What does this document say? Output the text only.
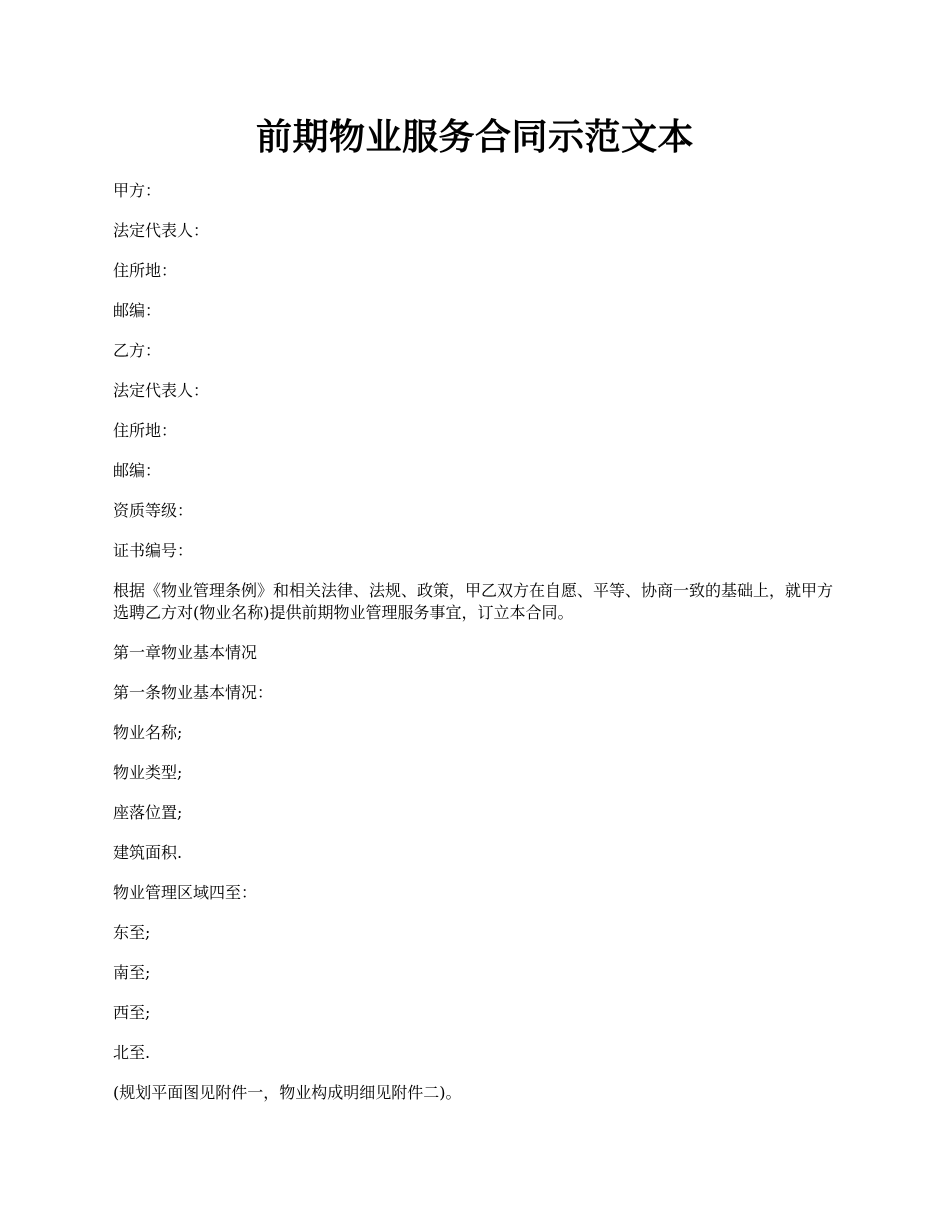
前期物业服务合同示范文本

甲方：

法定代表人：

住所地：

邮编：

乙方：

法定代表人：

住所地：

邮编：

资质等级：

证书编号：

根据《物业管理条例》和相关法律、法规、政策，甲乙双方在自愿、平等、协商一致的基础上，就甲方选聘乙方对(物业名称)提供前期物业管理服务事宜，订立本合同。

第一章物业基本情况

第一条物业基本情况：

物业名称;

物业类型;

座落位置;

建筑面积.

物业管理区域四至：

东至;

南至;

西至;

北至.

(规划平面图见附件一，物业构成明细见附件二)。
